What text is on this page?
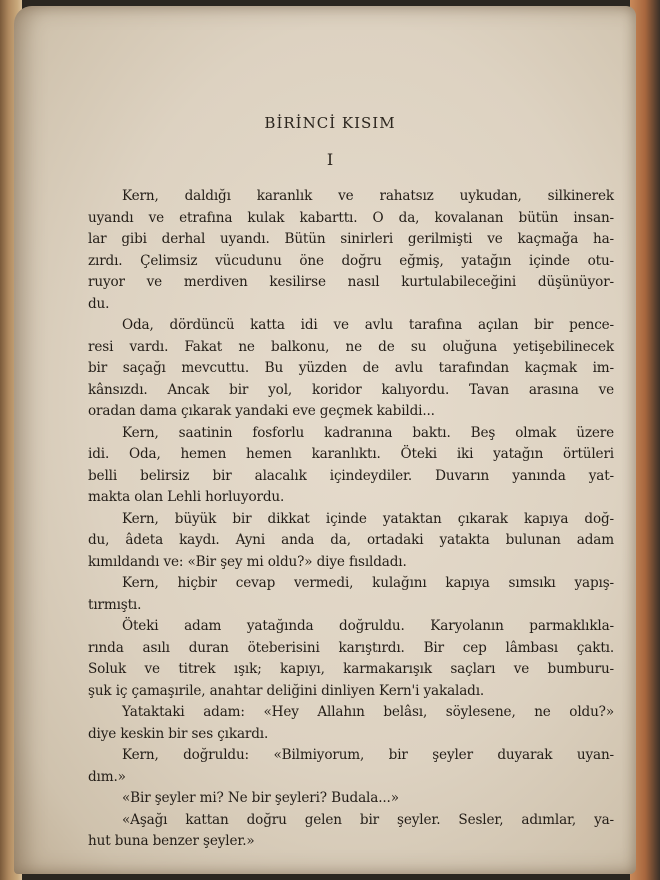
BİRİNCİ KISIM
I
Kern, daldığı karanlık ve rahatsız uykudan, silkinerek
uyandı ve etrafına kulak kabarttı. O da, kovalanan bütün insan-
lar gibi derhal uyandı. Bütün sinirleri gerilmişti ve kaçmağa ha-
zırdı. Çelimsiz vücudunu öne doğru eğmiş, yatağın içinde otu-
ruyor ve merdiven kesilirse nasıl kurtulabileceğini düşünüyor-
du.
Oda, dördüncü katta idi ve avlu tarafına açılan bir pence-
resi vardı. Fakat ne balkonu, ne de su oluğuna yetişebilinecek
bir saçağı mevcuttu. Bu yüzden de avlu tarafından kaçmak im-
kânsızdı. Ancak bir yol, koridor kalıyordu. Tavan arasına ve
oradan dama çıkarak yandaki eve geçmek kabildi...
Kern, saatinin fosforlu kadranına baktı. Beş olmak üzere
idi. Oda, hemen hemen karanlıktı. Öteki iki yatağın örtüleri
belli belirsiz bir alacalık içindeydiler. Duvarın yanında yat-
makta olan Lehli horluyordu.
Kern, büyük bir dikkat içinde yataktan çıkarak kapıya doğ-
du, âdeta kaydı. Ayni anda da, ortadaki yatakta bulunan adam
kımıldandı ve: «Bir şey mi oldu?» diye fısıldadı.
Kern, hiçbir cevap vermedi, kulağını kapıya sımsıkı yapış-
tırmıştı.
Öteki adam yatağında doğruldu. Karyolanın parmaklıkla-
rında asılı duran öteberisini karıştırdı. Bir cep lâmbası çaktı.
Soluk ve titrek ışık; kapıyı, karmakarışık saçları ve bumburu-
şuk iç çamaşırile, anahtar deliğini dinliyen Kern'i yakaladı.
Yataktaki adam: «Hey Allahın belâsı, söylesene, ne oldu?»
diye keskin bir ses çıkardı.
Kern, doğruldu: «Bilmiyorum, bir şeyler duyarak uyan-
dım.»
«Bir şeyler mi? Ne bir şeyleri? Budala...»
«Aşağı kattan doğru gelen bir şeyler. Sesler, adımlar, ya-
hut buna benzer şeyler.»
